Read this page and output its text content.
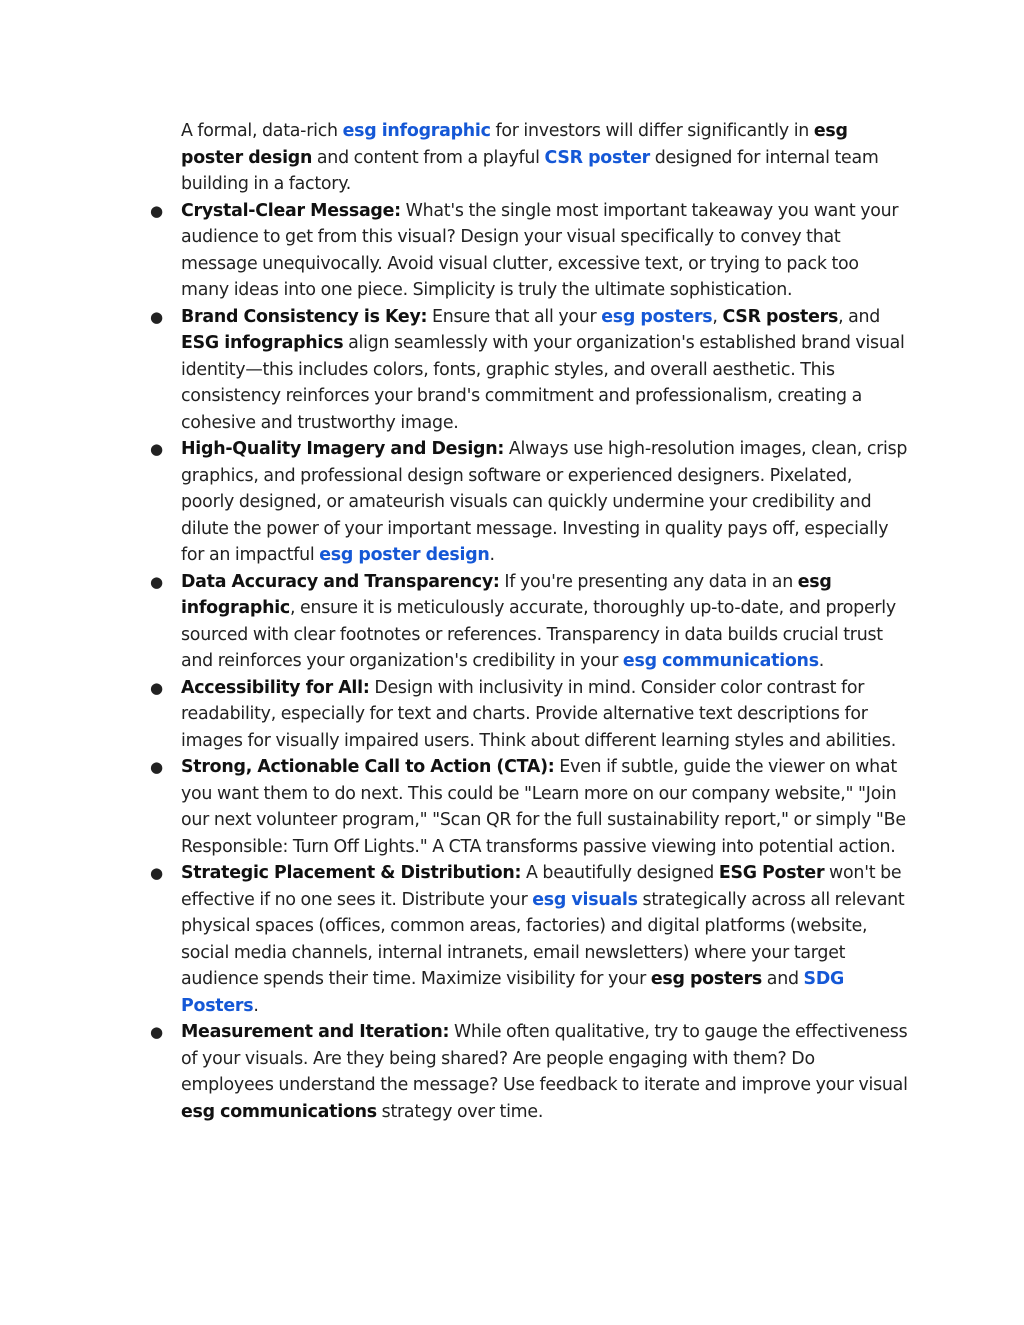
A formal, data-rich esg infographic for investors will differ significantly in esg poster design and content from a playful CSR poster designed for internal team building in a factory.

● Crystal-Clear Message: What's the single most important takeaway you want your audience to get from this visual? Design your visual specifically to convey that message unequivocally. Avoid visual clutter, excessive text, or trying to pack too many ideas into one piece. Simplicity is truly the ultimate sophistication.
● Brand Consistency is Key: Ensure that all your esg posters, CSR posters, and ESG infographics align seamlessly with your organization's established brand visual identity—this includes colors, fonts, graphic styles, and overall aesthetic. This consistency reinforces your brand's commitment and professionalism, creating a cohesive and trustworthy image.
● High-Quality Imagery and Design: Always use high-resolution images, clean, crisp graphics, and professional design software or experienced designers. Pixelated, poorly designed, or amateurish visuals can quickly undermine your credibility and dilute the power of your important message. Investing in quality pays off, especially for an impactful esg poster design.
● Data Accuracy and Transparency: If you're presenting any data in an esg infographic, ensure it is meticulously accurate, thoroughly up-to-date, and properly sourced with clear footnotes or references. Transparency in data builds crucial trust and reinforces your organization's credibility in your esg communications.
● Accessibility for All: Design with inclusivity in mind. Consider color contrast for readability, especially for text and charts. Provide alternative text descriptions for images for visually impaired users. Think about different learning styles and abilities.
● Strong, Actionable Call to Action (CTA): Even if subtle, guide the viewer on what you want them to do next. This could be "Learn more on our company website," "Join our next volunteer program," "Scan QR for the full sustainability report," or simply "Be Responsible: Turn Off Lights." A CTA transforms passive viewing into potential action.
● Strategic Placement & Distribution: A beautifully designed ESG Poster won't be effective if no one sees it. Distribute your esg visuals strategically across all relevant physical spaces (offices, common areas, factories) and digital platforms (website, social media channels, internal intranets, email newsletters) where your target audience spends their time. Maximize visibility for your esg posters and SDG Posters.
● Measurement and Iteration: While often qualitative, try to gauge the effectiveness of your visuals. Are they being shared? Are people engaging with them? Do employees understand the message? Use feedback to iterate and improve your visual esg communications strategy over time.
